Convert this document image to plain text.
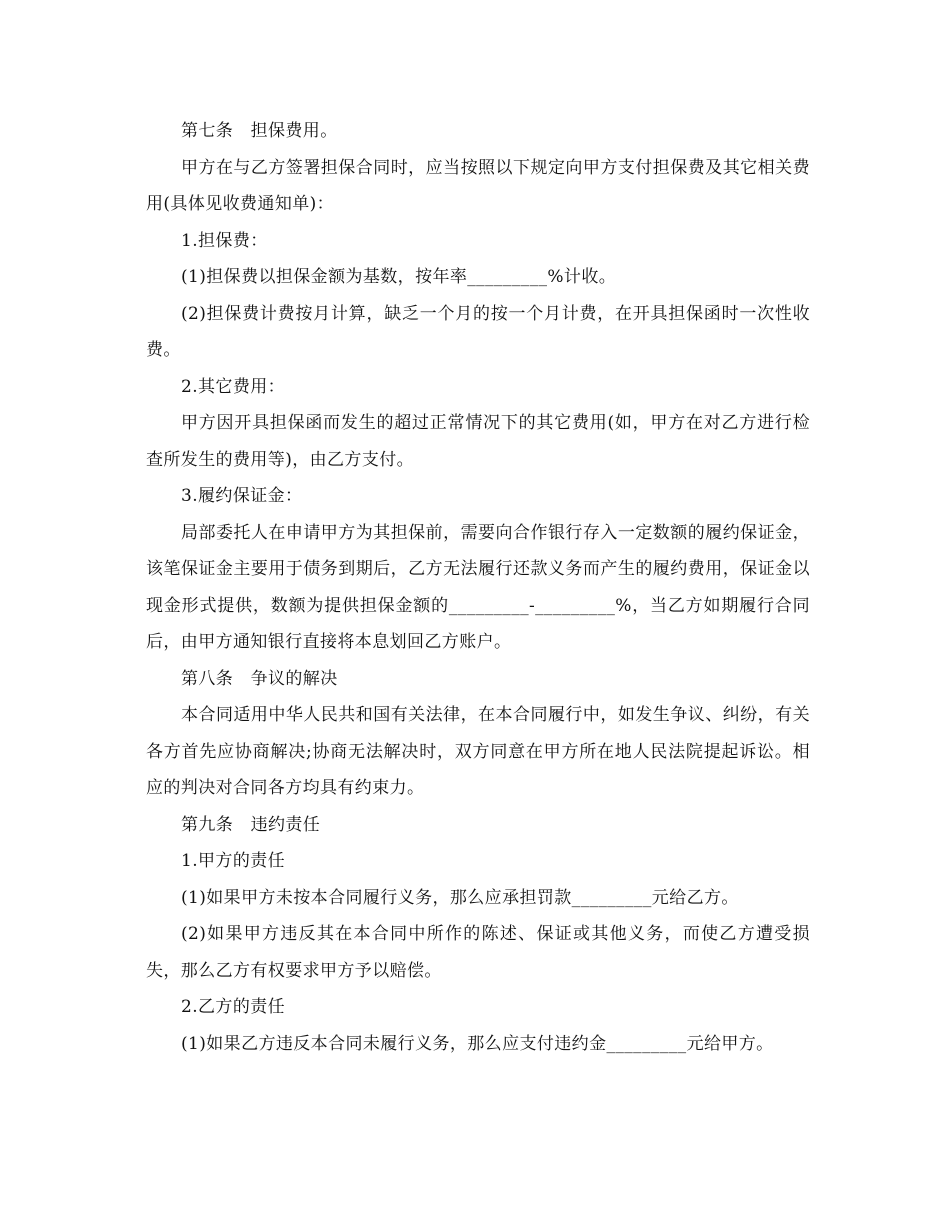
第七条　担保费用。

甲方在与乙方签署担保合同时，应当按照以下规定向甲方支付担保费及其它相关费用(具体见收费通知单)：

1.担保费：

(1)担保费以担保金额为基数，按年率_________%计收。

(2)担保费计费按月计算，缺乏一个月的按一个月计费，在开具担保函时一次性收费。

2.其它费用：

甲方因开具担保函而发生的超过正常情况下的其它费用(如，甲方在对乙方进行检查所发生的费用等)，由乙方支付。

3.履约保证金：

局部委托人在申请甲方为其担保前，需要向合作银行存入一定数额的履约保证金，该笔保证金主要用于债务到期后，乙方无法履行还款义务而产生的履约费用，保证金以现金形式提供，数额为提供担保金额的_________-_________%，当乙方如期履行合同后，由甲方通知银行直接将本息划回乙方账户。

第八条　争议的解决

本合同适用中华人民共和国有关法律，在本合同履行中，如发生争议、纠纷，有关各方首先应协商解决;协商无法解决时，双方同意在甲方所在地人民法院提起诉讼。相应的判决对合同各方均具有约束力。

第九条　违约责任

1.甲方的责任

(1)如果甲方未按本合同履行义务，那么应承担罚款_________元给乙方。

(2)如果甲方违反其在本合同中所作的陈述、保证或其他义务，而使乙方遭受损失，那么乙方有权要求甲方予以赔偿。

2.乙方的责任

(1)如果乙方违反本合同未履行义务，那么应支付违约金_________元给甲方。
